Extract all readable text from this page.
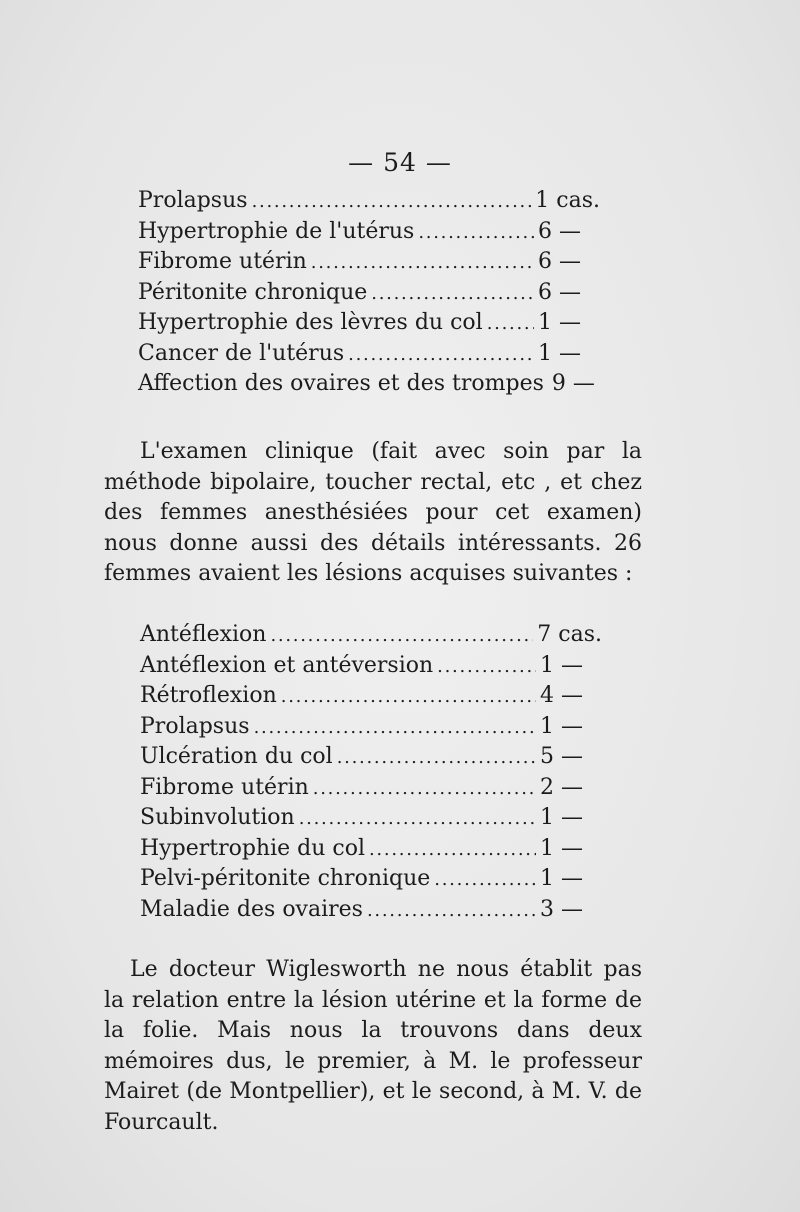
— 54 —
Prolapsus . . .	1 cas.
Hypertrophie de l'utérus . . .	6 —
Fibrome utérin . . .	6 —
Péritonite chronique . . .	6 —
Hypertrophie des lèvres du col . . .	1 —
Cancer de l'utérus . . .	1 —
Affection des ovaires et des trompes 9 —

L'examen clinique (fait avec soin par la méthode bipolaire, toucher rectal, etc , et chez des femmes anesthésiées pour cet examen) nous donne aussi des détails intéressants. 26 femmes avaient les lésions acquises suivantes :

Antéflexion . . .	7 cas.
Antéflexion et antéversion . . .	1 —
Rétroflexion . . .	4 —
Prolapsus . . .	1 —
Ulcération du col . . .	5 —
Fibrome utérin . . .	2 —
Subinvolution . . .	1 —
Hypertrophie du col . . .	1 —
Pelvi-péritonite chronique . . .	1 —
Maladie des ovaires . . .	3 —

Le docteur Wiglesworth ne nous établit pas la relation entre la lésion utérine et la forme de la folie. Mais nous la trouvons dans deux mémoires dus, le premier, à M. le professeur Mairet (de Montpellier), et le second, à M. V. de Fourcault.
